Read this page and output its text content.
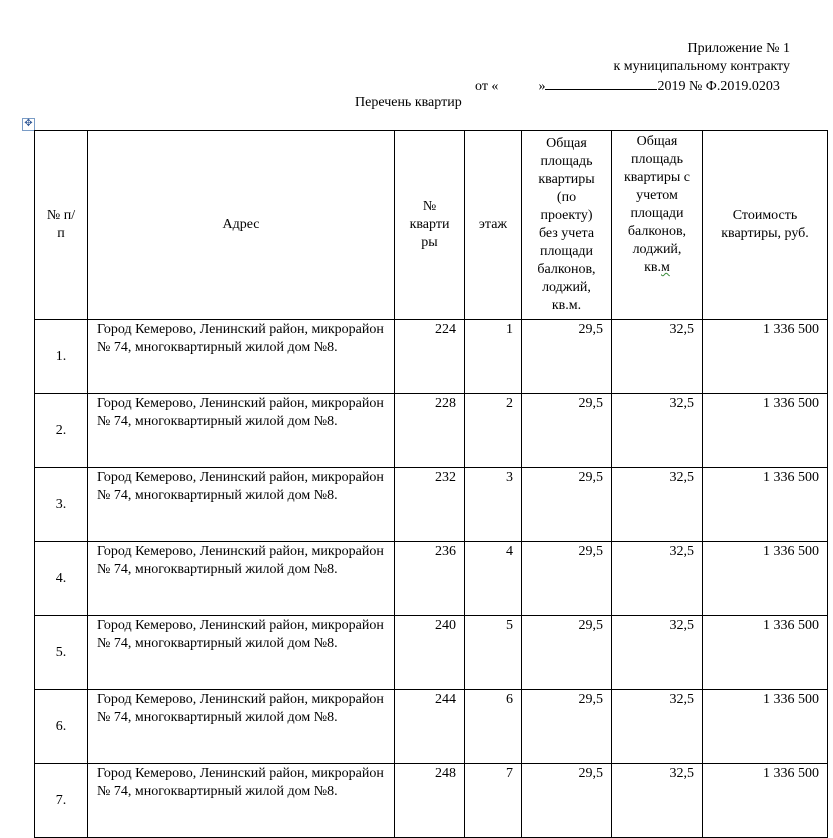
Приложение № 1
к муниципальному контракту
от «	»	2019 № Ф.2019.0203
Перечень квартир
✥
№ п/п	Адрес	№ кварти ры	этаж	Общая площадь квартиры (по проекту) без учета площади балконов, лоджий, кв.м.	Общая площадь квартиры с учетом площади балконов, лоджий, кв.м	Стоимость квартиры, руб.

1.	Город Кемерово, Ленинский район, микрорайон № 74, многоквартирный жилой дом №8.	224	1	29,5	32,5	1 336 500
2.	Город Кемерово, Ленинский район, микрорайон № 74, многоквартирный жилой дом №8.	228	2	29,5	32,5	1 336 500
3.	Город Кемерово, Ленинский район, микрорайон № 74, многоквартирный жилой дом №8.	232	3	29,5	32,5	1 336 500
4.	Город Кемерово, Ленинский район, микрорайон № 74, многоквартирный жилой дом №8.	236	4	29,5	32,5	1 336 500
5.	Город Кемерово, Ленинский район, микрорайон № 74, многоквартирный жилой дом №8.	240	5	29,5	32,5	1 336 500
6.	Город Кемерово, Ленинский район, микрорайон № 74, многоквартирный жилой дом №8.	244	6	29,5	32,5	1 336 500
7.	Город Кемерово, Ленинский район, микрорайон № 74, многоквартирный жилой дом №8.	248	7	29,5	32,5	1 336 500
